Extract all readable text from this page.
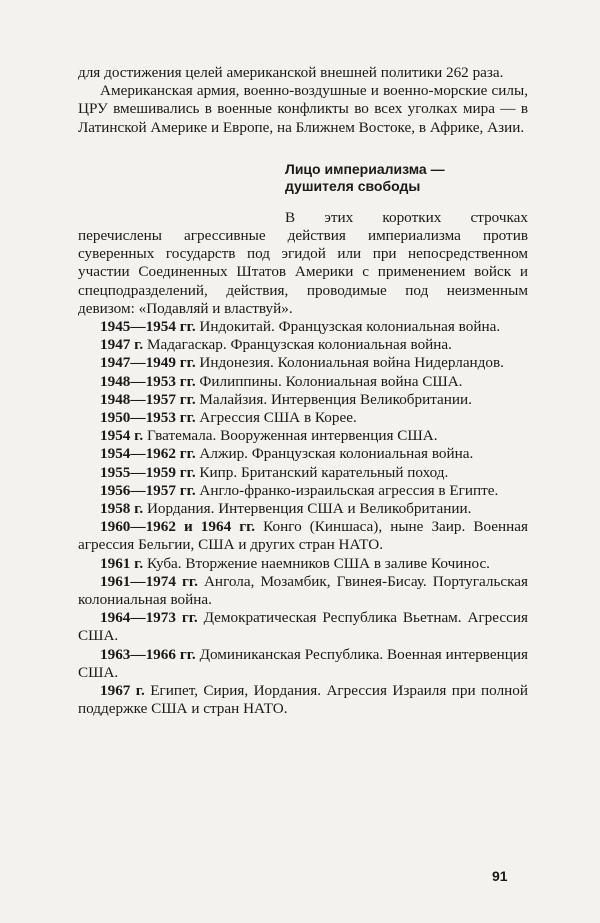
для достижения целей американской внешней политики 262 раза.

Американская армия, военно-воздушные и военно-морские силы, ЦРУ вмешивались в военные конфликты во всех уголках мира — в Латинской Америке и Европе, на Ближнем Востоке, в Африке, Азии.

Лицо империализма —
душителя свободы

В этих коротких строчках перечислены агрессивные действия империализма против суверенных государств под эгидой или при непосредственном участии Соединенных Штатов Америки с применением войск и спецподразделений, действия, проводимые под неизменным девизом: «Подавляй и властвуй».

1945—1954 гг. Индокитай. Французская колониальная война.

1947 г. Мадагаскар. Французская колониальная война.

1947—1949 гг. Индонезия. Колониальная война Нидерландов.

1948—1953 гг. Филиппины. Колониальная война США.

1948—1957 гг. Малайзия. Интервенция Великобритании.

1950—1953 гг. Агрессия США в Корее.

1954 г. Гватемала. Вооруженная интервенция США.

1954—1962 гг. Алжир. Французская колониальная война.

1955—1959 гг. Кипр. Британский карательный поход.

1956—1957 гг. Англо-франко-израильская агрессия в Египте.

1958 г. Иордания. Интервенция США и Великобритании.

1960—1962 и 1964 гг. Конго (Киншаса), ныне Заир. Военная агрессия Бельгии, США и других стран НАТО.

1961 г. Куба. Вторжение наемников США в заливе Кочинос.

1961—1974 гг. Ангола, Мозамбик, Гвинея-Бисау. Португальская колониальная война.

1964—1973 гг. Демократическая Республика Вьетнам. Агрессия США.

1963—1966 гг. Доминиканская Республика. Военная интервенция США.

1967 г. Египет, Сирия, Иордания. Агрессия Израиля при полной поддержке США и стран НАТО.

91
